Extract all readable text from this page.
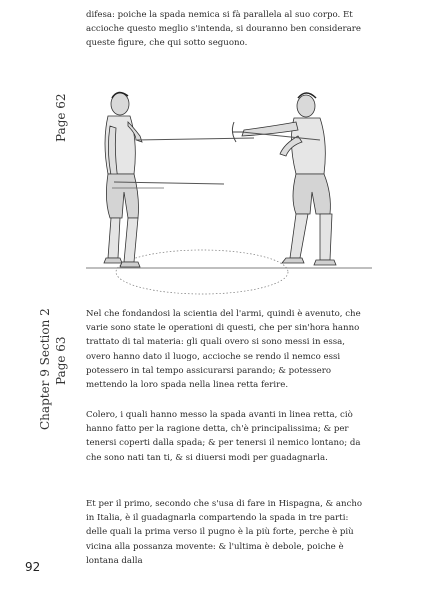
difesa: poiche la spada nemica si fà parallela al suo corpo. Et accioche questo meglio s'intenda, si douranno ben considerare queste figure, che qui sotto seguono.

Page 62

Nel che fondandosi la scientia del l'armi, quindi è avenuto, che varie sono state le operationi di questi, che per sin'hora hanno trattato di tal materia: gli quali overo si sono messi in essa, overo hanno dato il luogo, accioche se rendo il nemco essi potessero in tal tempo assicurarsi parando; & potessero mettendo la loro spada nella linea retta ferire.

Chapter 9 Section 2 Page 63

Colero, i quali hanno messo la spada avanti in linea retta, ciò hanno fatto per la ragione detta, ch'è principalissima; & per tenersi coperti dalla spada; & per tenersi il nemico lontano; da che sono nati tan ti, & si diuersi modi per guadagnarla.

Et per il primo, secondo che s'usa di fare in Hispagna, & ancho in Italia, è il guadagnarla compartendo la spada in tre parti: delle quali la prima verso il pugno è la più forte, perche è più vicina alla possanza movente: & l'ultima è debole, poiche è lontana dalla

92
